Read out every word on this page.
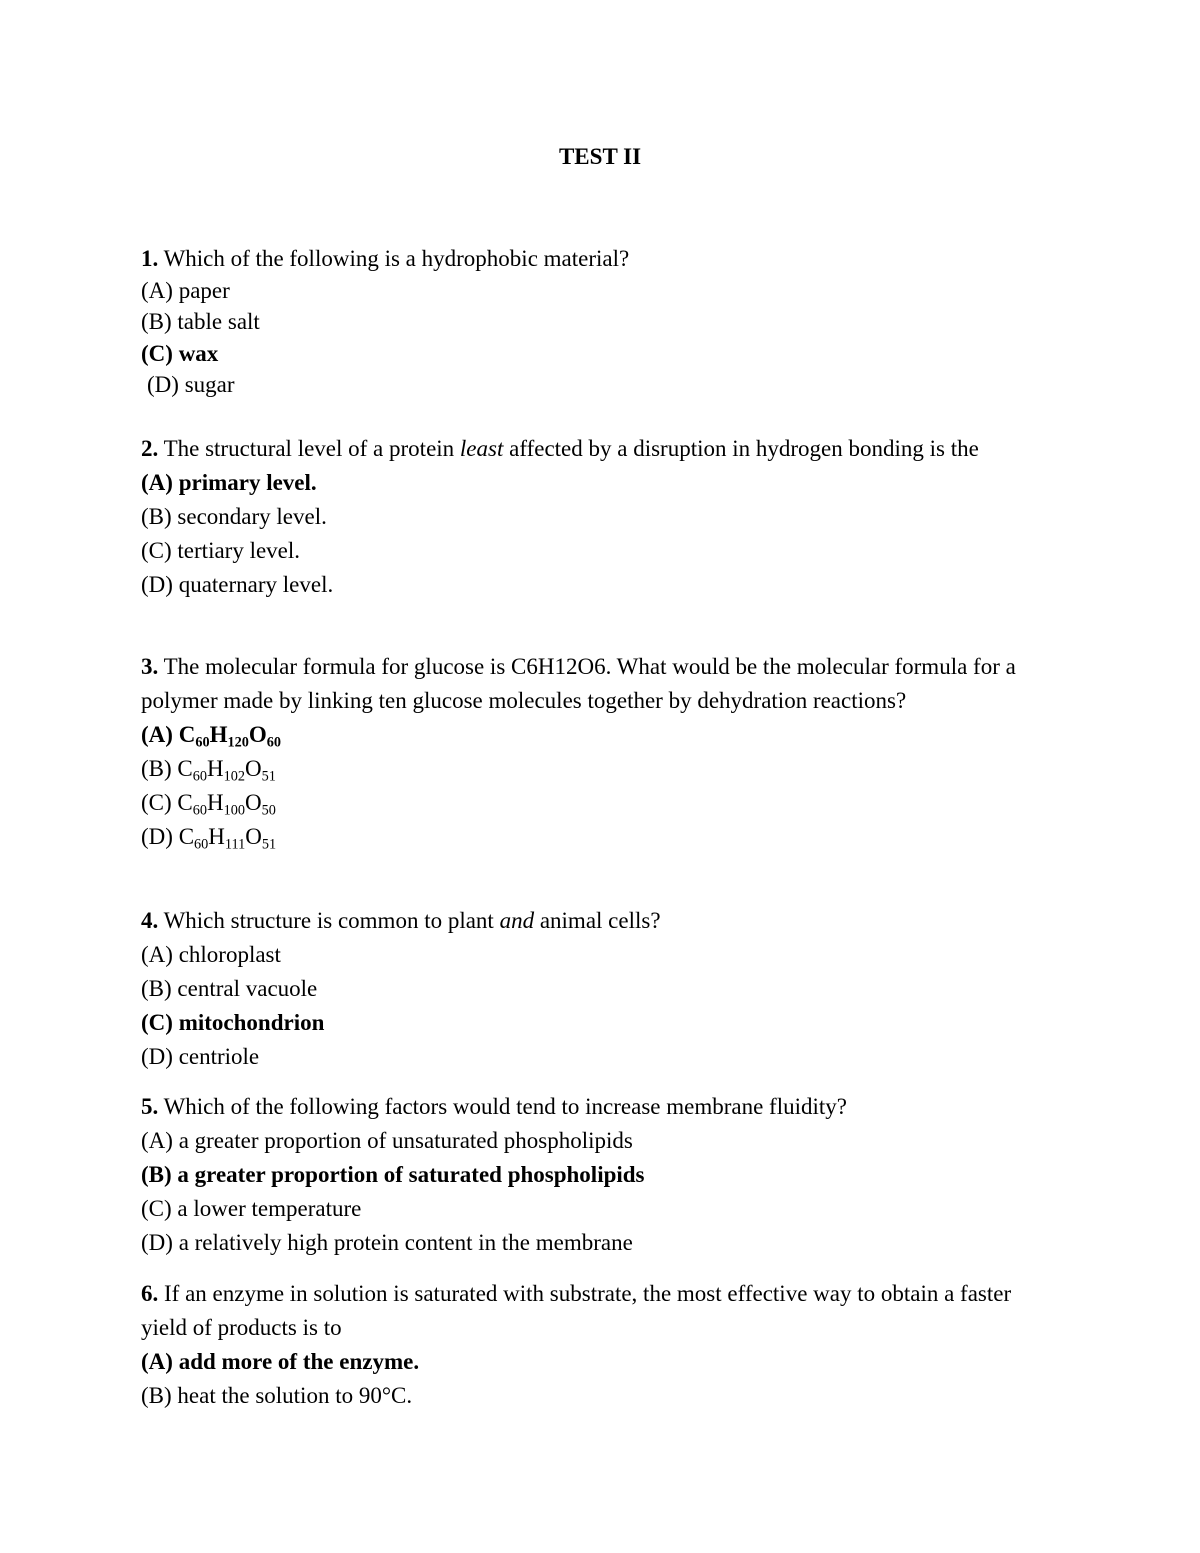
TEST II
1. Which of the following is a hydrophobic material?
(A) paper
(B) table salt
(C) wax
(D) sugar
2. The structural level of a protein least affected by a disruption in hydrogen bonding is the
(A) primary level.
(B) secondary level.
(C) tertiary level.
(D) quaternary level.
3. The molecular formula for glucose is C6H12O6. What would be the molecular formula for a polymer made by linking ten glucose molecules together by dehydration reactions?
(A) $C_{60}H_{120}O_{60}$
(B) $C_{60}H_{102}O_{51}$
(C) $C_{60}H_{100}O_{50}$
(D) $C_{60}H_{111}O_{51}$
4. Which structure is common to plant and animal cells?
(A) chloroplast
(B) central vacuole
(C) mitochondrion
(D) centriole
5. Which of the following factors would tend to increase membrane fluidity?
(A) a greater proportion of unsaturated phospholipids
(B) a greater proportion of saturated phospholipids
(C) a lower temperature
(D) a relatively high protein content in the membrane
6. If an enzyme in solution is saturated with substrate, the most effective way to obtain a faster yield of products is to
(A) add more of the enzyme.
(B) heat the solution to 90°C.
